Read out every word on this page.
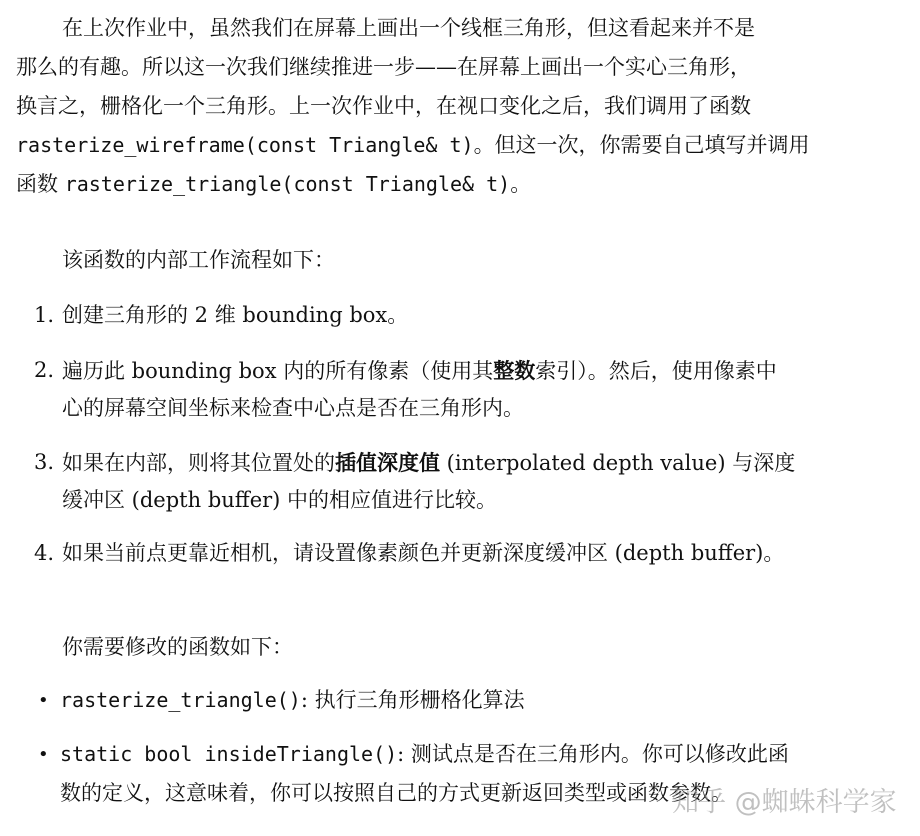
在上次作业中，虽然我们在屏幕上画出一个线框三角形，但这看起来并不是
那么的有趣。所以这一次我们继续推进一步——在屏幕上画出一个实心三角形，
换言之，栅格化一个三角形。上一次作业中，在视口变化之后，我们调用了函数
rasterize_wireframe(const Triangle& t)。但这一次，你需要自己填写并调用
函数 rasterize_triangle(const Triangle& t)。
该函数的内部工作流程如下：
1. 创建三角形的 2 维 bounding box。
2. 遍历此 bounding box 内的所有像素（使用其整数索引）。然后，使用像素中
心的屏幕空间坐标来检查中心点是否在三角形内。
3. 如果在内部，则将其位置处的插值深度值 (interpolated depth value) 与深度
缓冲区 (depth buffer) 中的相应值进行比较。
4. 如果当前点更靠近相机，请设置像素颜色并更新深度缓冲区 (depth buffer)。
你需要修改的函数如下：
• rasterize_triangle(): 执行三角形栅格化算法
• static bool insideTriangle(): 测试点是否在三角形内。你可以修改此函
数的定义，这意味着，你可以按照自己的方式更新返回类型或函数参数。
知乎 @蜘蛛科学家
